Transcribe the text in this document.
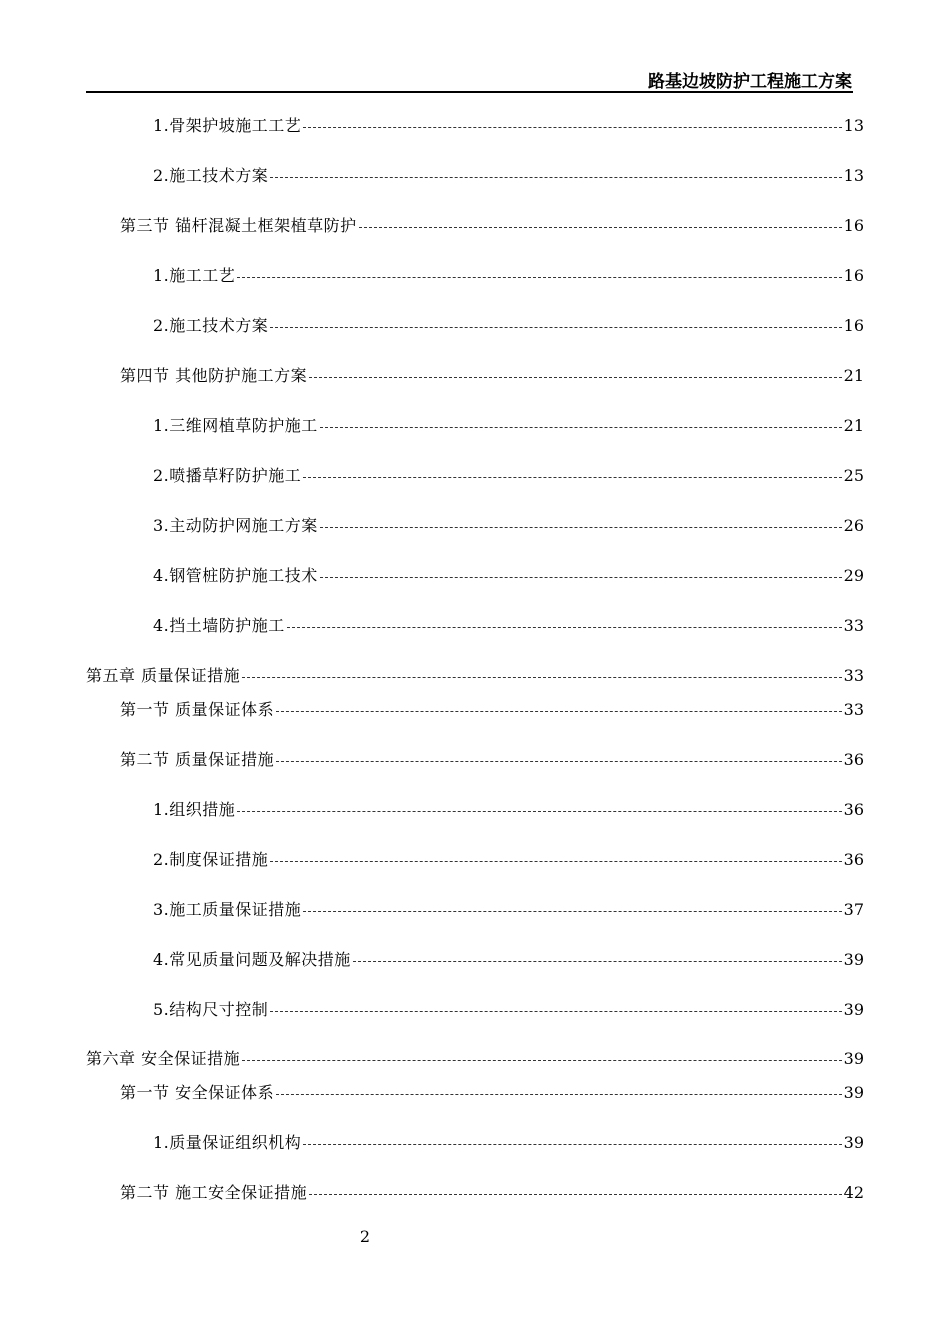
路基边坡防护工程施工方案
1.骨架护坡施工工艺	13
2.施工技术方案	13
第三节 锚杆混凝土框架植草防护	16
1.施工工艺	16
2.施工技术方案	16
第四节 其他防护施工方案	21
1.三维网植草防护施工	21
2.喷播草籽防护施工	25
3.主动防护网施工方案	26
4.钢管桩防护施工技术	29
4.挡土墙防护施工	33
第五章 质量保证措施	33
第一节 质量保证体系	33
第二节 质量保证措施	36
1.组织措施	36
2.制度保证措施	36
3.施工质量保证措施	37
4.常见质量问题及解决措施	39
5.结构尺寸控制	39
第六章 安全保证措施	39
第一节 安全保证体系	39
1.质量保证组织机构	39
第二节 施工安全保证措施	42
2
